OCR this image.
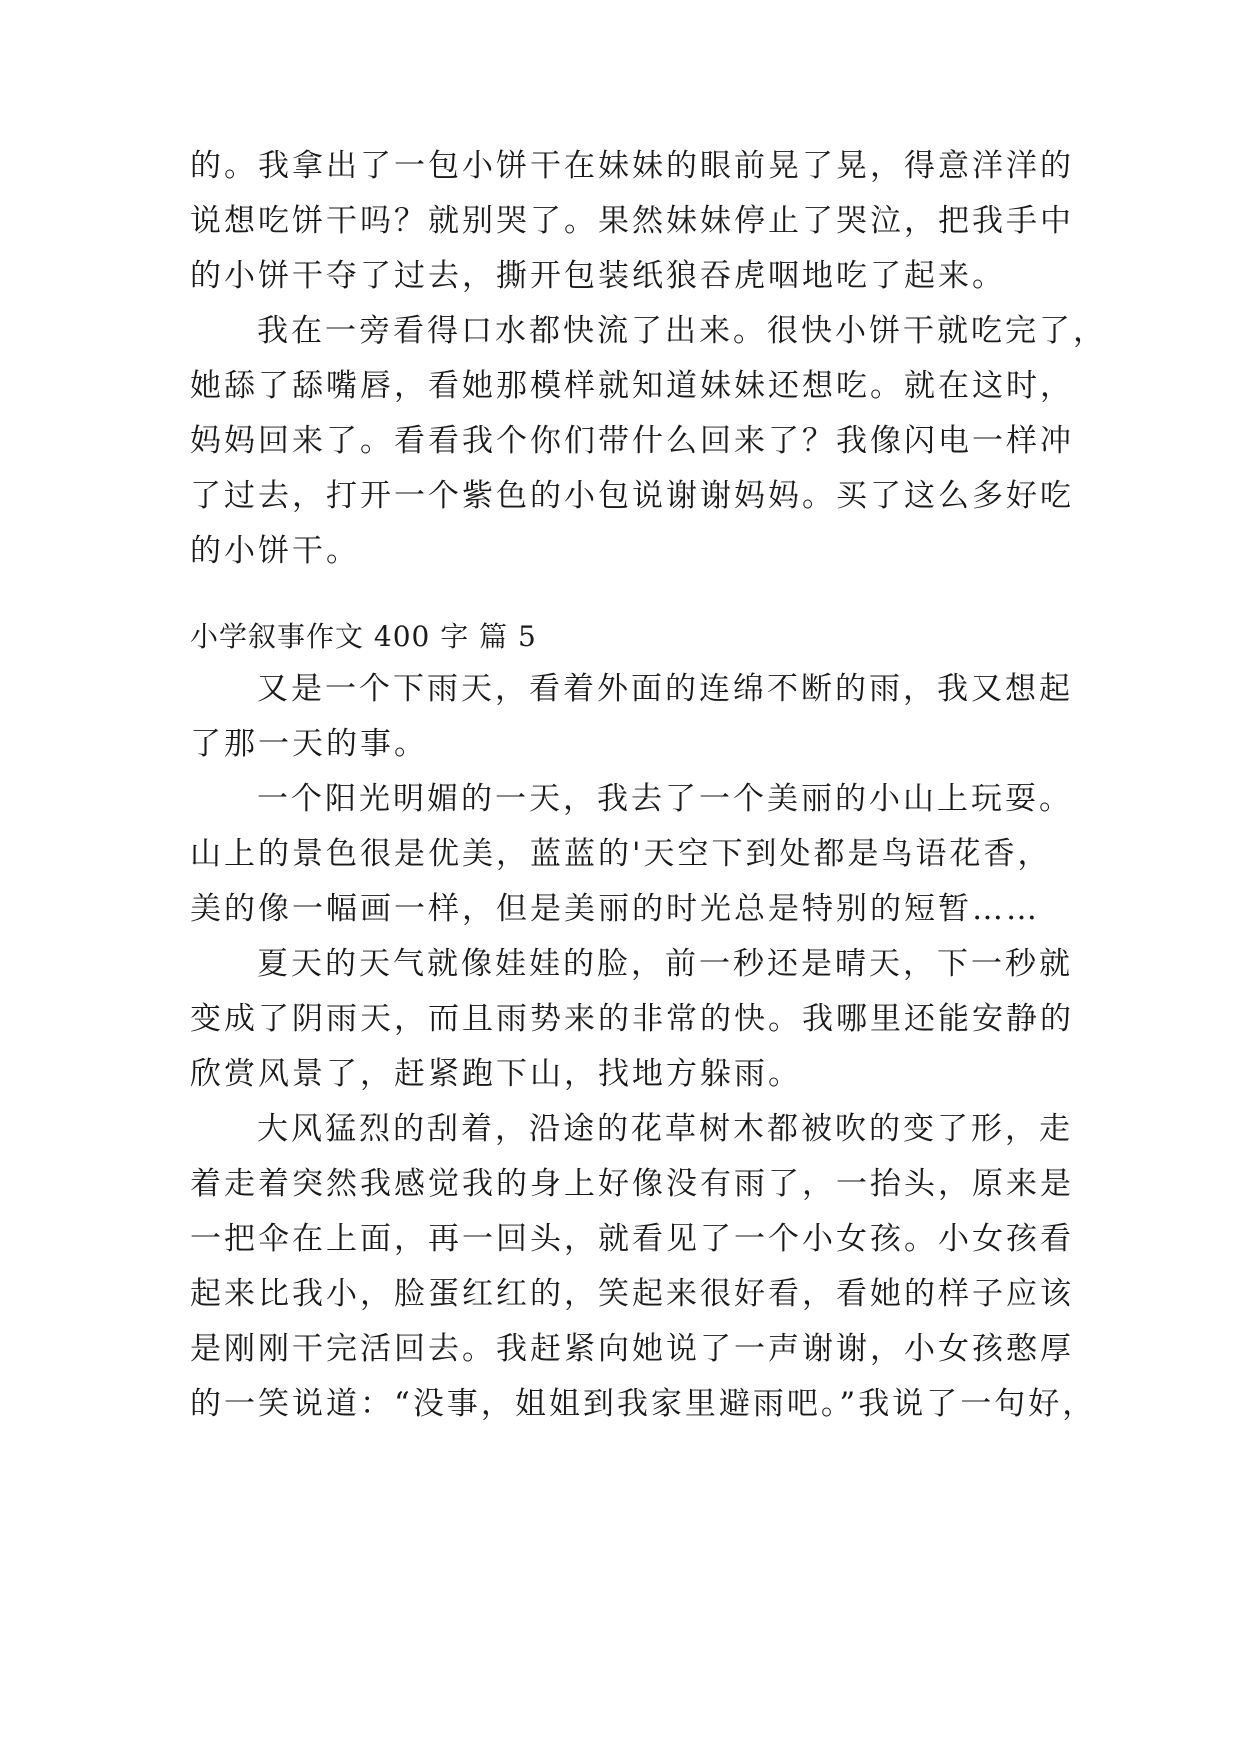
的。我拿出了一包小饼干在妹妹的眼前晃了晃，得意洋洋的
说想吃饼干吗？就别哭了。果然妹妹停止了哭泣，把我手中
的小饼干夺了过去，撕开包装纸狼吞虎咽地吃了起来。
我在一旁看得口水都快流了出来。很快小饼干就吃完了，
她舔了舔嘴唇，看她那模样就知道妹妹还想吃。就在这时，
妈妈回来了。看看我个你们带什么回来了？我像闪电一样冲
了过去，打开一个紫色的小包说谢谢妈妈。买了这么多好吃
的小饼干。
小学叙事作文 400 字 篇 5
又是一个下雨天，看着外面的连绵不断的雨，我又想起
了那一天的事。
一个阳光明媚的一天，我去了一个美丽的小山上玩耍。
山上的景色很是优美，蓝蓝的'天空下到处都是鸟语花香，
美的像一幅画一样，但是美丽的时光总是特别的短暂……
夏天的天气就像娃娃的脸，前一秒还是晴天，下一秒就
变成了阴雨天，而且雨势来的非常的快。我哪里还能安静的
欣赏风景了，赶紧跑下山，找地方躲雨。
大风猛烈的刮着，沿途的花草树木都被吹的变了形，走
着走着突然我感觉我的身上好像没有雨了，一抬头，原来是
一把伞在上面，再一回头，就看见了一个小女孩。小女孩看
起来比我小，脸蛋红红的，笑起来很好看，看她的样子应该
是刚刚干完活回去。我赶紧向她说了一声谢谢，小女孩憨厚
的一笑说道：“没事，姐姐到我家里避雨吧。”我说了一句好，
